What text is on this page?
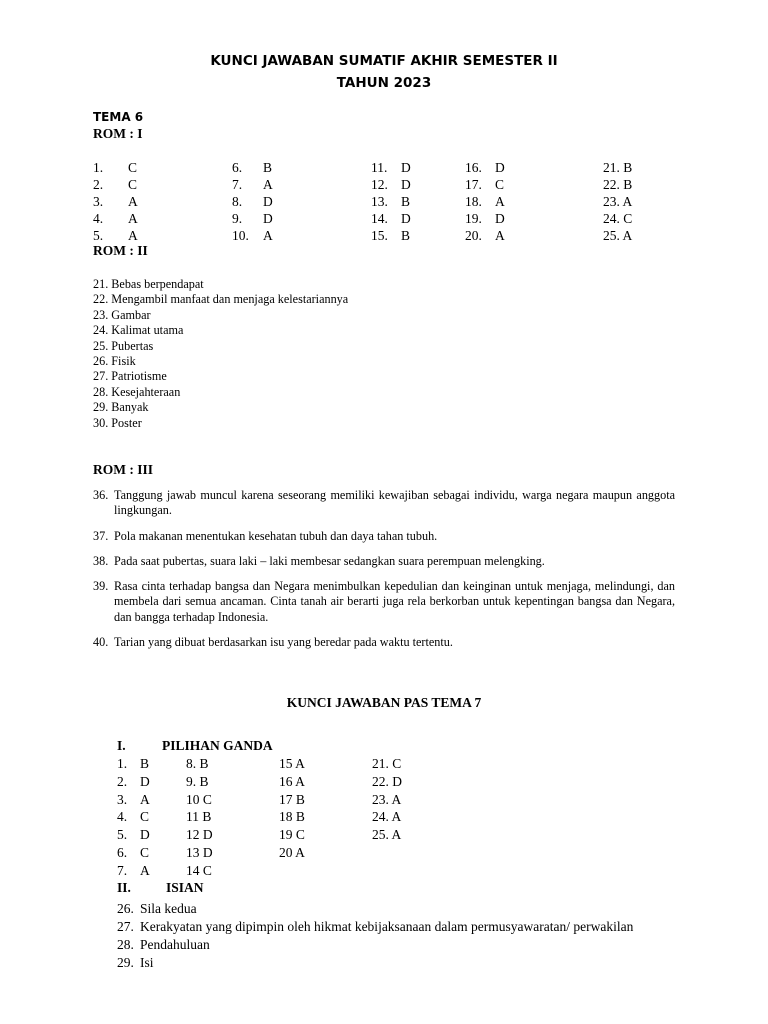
KUNCI JAWABAN SUMATIF AKHIR SEMESTER II
TAHUN 2023
TEMA 6
ROM : I
1. C
2. C
3. A
4. A
5. A
6. B
7. A
8. D
9. D
10. A
11. D
12. D
13. B
14. D
15. B
16. D
17. C
18. A
19. D
20. A
21. B
22. B
23. A
24. C
25. A
ROM : II
21. Bebas berpendapat
22. Mengambil manfaat dan menjaga kelestariannya
23. Gambar
24. Kalimat utama
25. Pubertas
26. Fisik
27. Patriotisme
28. Kesejahteraan
29. Banyak
30. Poster
ROM : III
36. Tanggung jawab muncul karena seseorang memiliki kewajiban sebagai individu, warga negara maupun anggota lingkungan.
37. Pola makanan menentukan kesehatan tubuh dan daya tahan tubuh.
38. Pada saat pubertas, suara laki – laki membesar sedangkan suara perempuan melengking.
39. Rasa cinta terhadap bangsa dan Negara menimbulkan kepedulian dan keinginan untuk menjaga, melindungi, dan membela dari semua ancaman. Cinta tanah air berarti juga rela berkorban untuk kepentingan bangsa dan Negara, dan bangga terhadap Indonesia.
40. Tarian yang dibuat berdasarkan isu yang beredar pada waktu tertentu.
KUNCI JAWABAN PAS TEMA 7
I.	PILIHAN GANDA
1. B
2. D
3. A
4. C
5. D
6. C
7. A
8. B
9. B
10 C
11 B
12 D
13 D
14 C
15 A
16 A
17 B
18 B
19 C
20 A
21. C
22. D
23. A
24. A
25. A
II.	ISIAN
26. Sila kedua
27. Kerakyatan yang dipimpin oleh hikmat kebijaksanaan dalam permusyawaratan/ perwakilan
28. Pendahuluan
29. Isi
